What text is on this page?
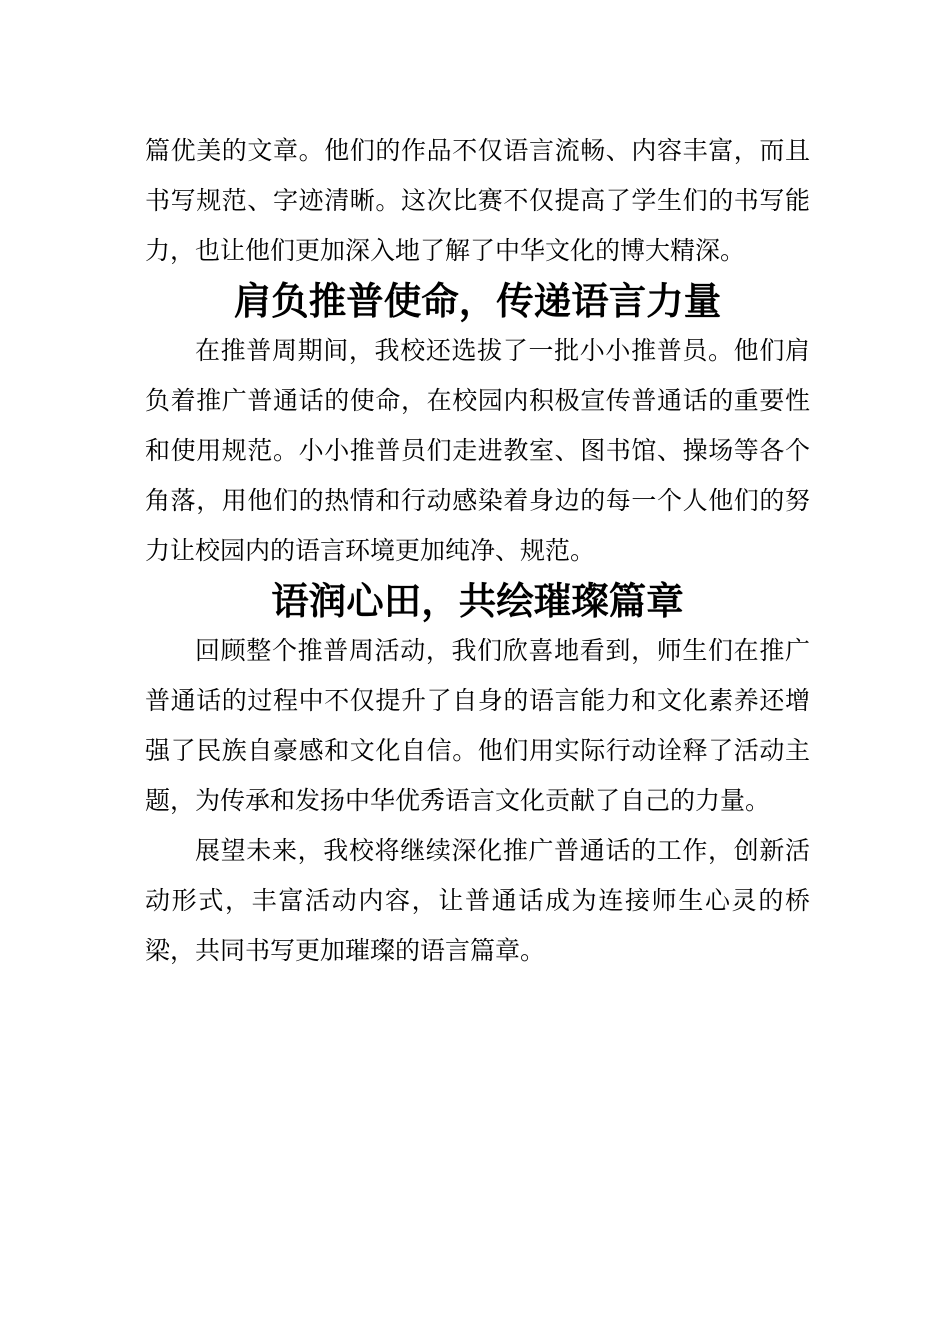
篇优美的文章。他们的作品不仅语言流畅、内容丰富，而且书写规范、字迹清晰。这次比赛不仅提高了学生们的书写能力，也让他们更加深入地了解了中华文化的博大精深。

肩负推普使命，传递语言力量

在推普周期间，我校还选拔了一批小小推普员。他们肩负着推广普通话的使命，在校园内积极宣传普通话的重要性和使用规范。小小推普员们走进教室、图书馆、操场等各个角落，用他们的热情和行动感染着身边的每一个人他们的努力让校园内的语言环境更加纯净、规范。

语润心田，共绘璀璨篇章

回顾整个推普周活动，我们欣喜地看到，师生们在推广普通话的过程中不仅提升了自身的语言能力和文化素养还增强了民族自豪感和文化自信。他们用实际行动诠释了活动主题，为传承和发扬中华优秀语言文化贡献了自己的力量。

展望未来，我校将继续深化推广普通话的工作，创新活动形式，丰富活动内容，让普通话成为连接师生心灵的桥梁，共同书写更加璀璨的语言篇章。
